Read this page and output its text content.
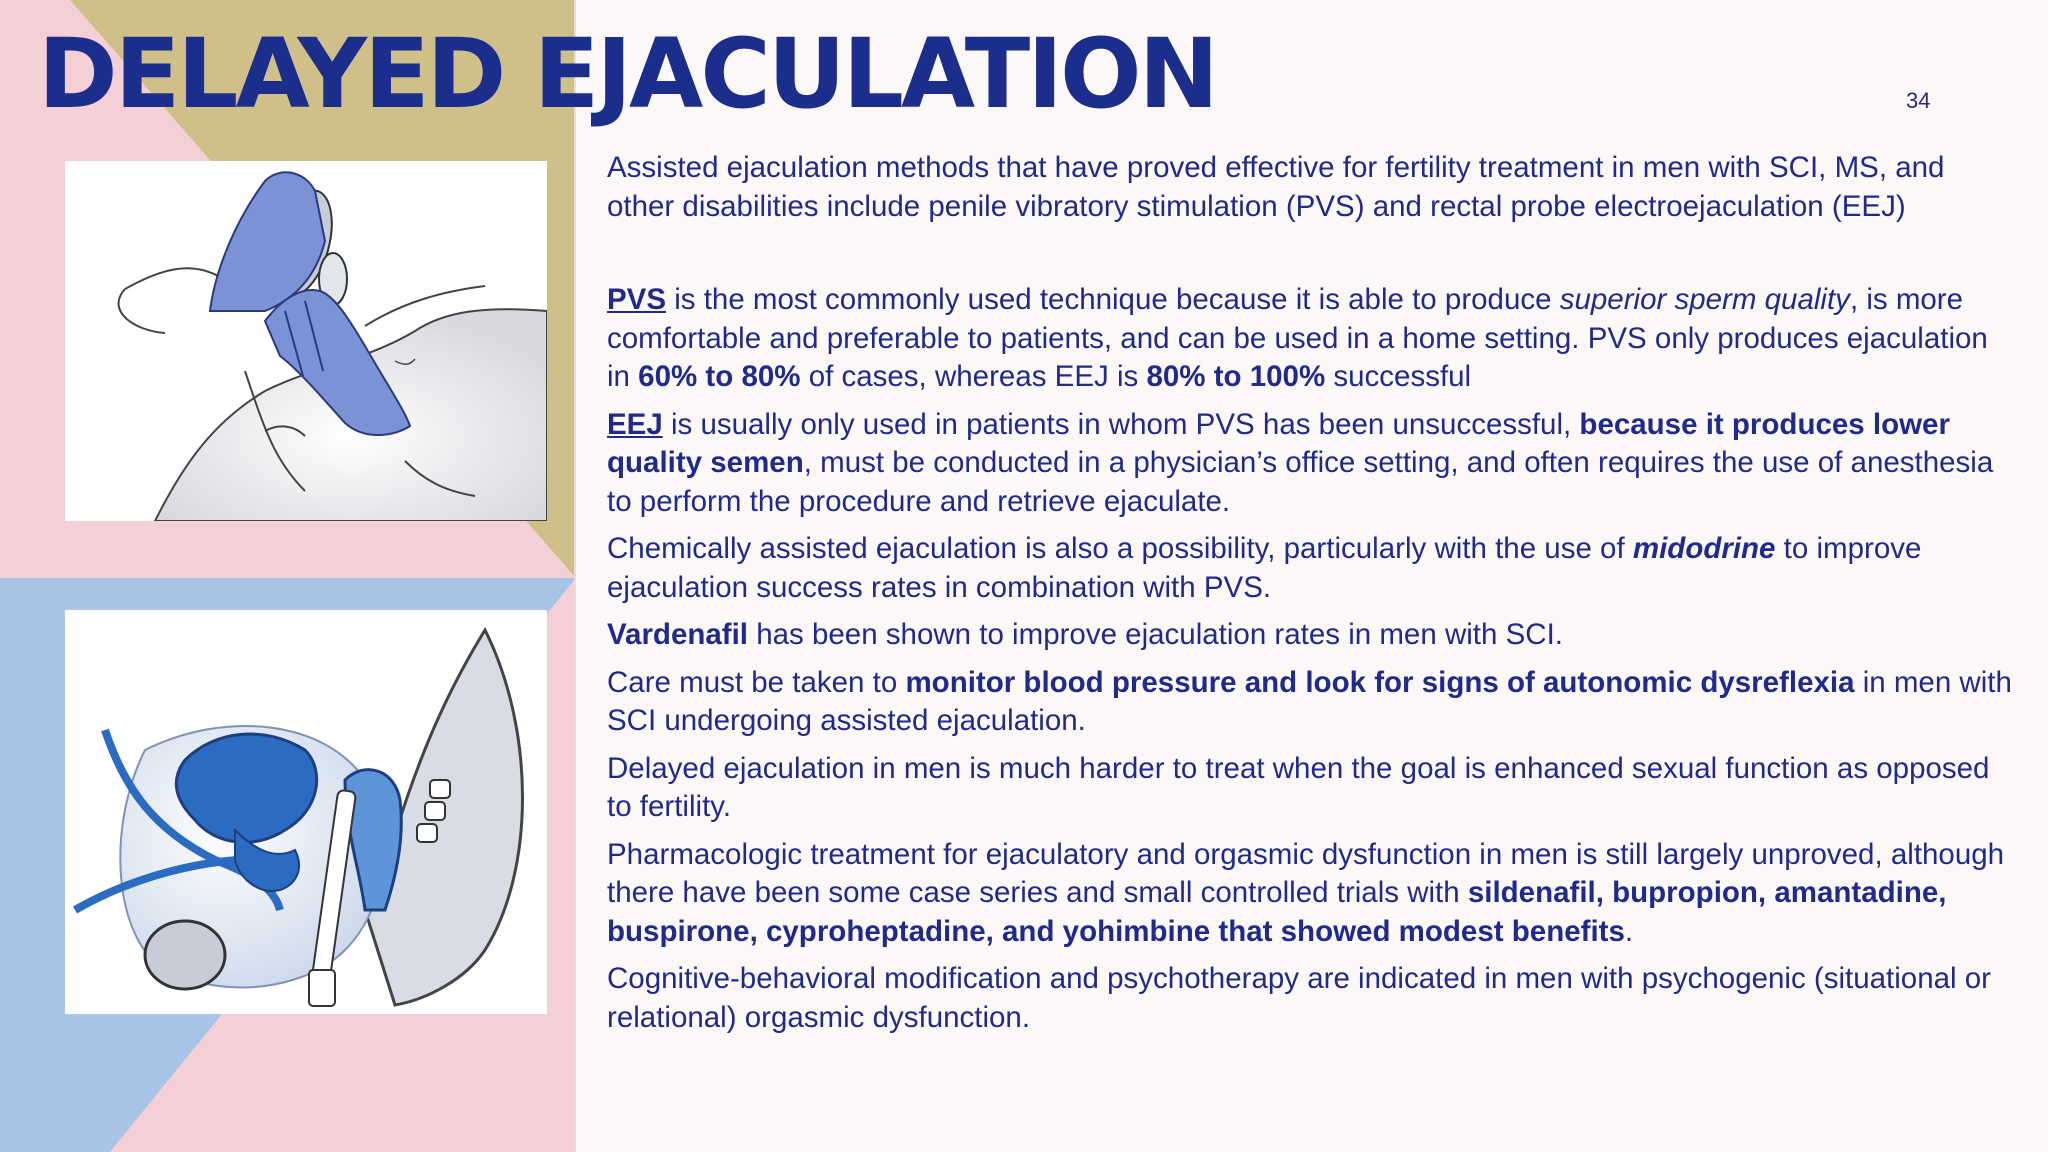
DELAYED EJACULATION	34

Assisted ejaculation methods that have proved effective for fertility treatment in men with SCI, MS, and other disabilities include penile vibratory stimulation (PVS) and rectal probe electroejaculation (EEJ)

PVS is the most commonly used technique because it is able to produce superior sperm quality, is more comfortable and preferable to patients, and can be used in a home setting. PVS only produces ejaculation in 60% to 80% of cases, whereas EEJ is 80% to 100% successful

EEJ is usually only used in patients in whom PVS has been unsuccessful, because it produces lower quality semen, must be conducted in a physician’s office setting, and often requires the use of anesthesia to perform the procedure and retrieve ejaculate.

Chemically assisted ejaculation is also a possibility, particularly with the use of midodrine to improve ejaculation success rates in combination with PVS.

Vardenafil has been shown to improve ejaculation rates in men with SCI.

Care must be taken to monitor blood pressure and look for signs of autonomic dysreflexia in men with SCI undergoing assisted ejaculation.

Delayed ejaculation in men is much harder to treat when the goal is enhanced sexual function as opposed to fertility.

Pharmacologic treatment for ejaculatory and orgasmic dysfunction in men is still largely unproved, although there have been some case series and small controlled trials with sildenafil, bupropion, amantadine, buspirone, cyproheptadine, and yohimbine that showed modest benefits.

Cognitive-behavioral modification and psychotherapy are indicated in men with psychogenic (situational or relational) orgasmic dysfunction.
